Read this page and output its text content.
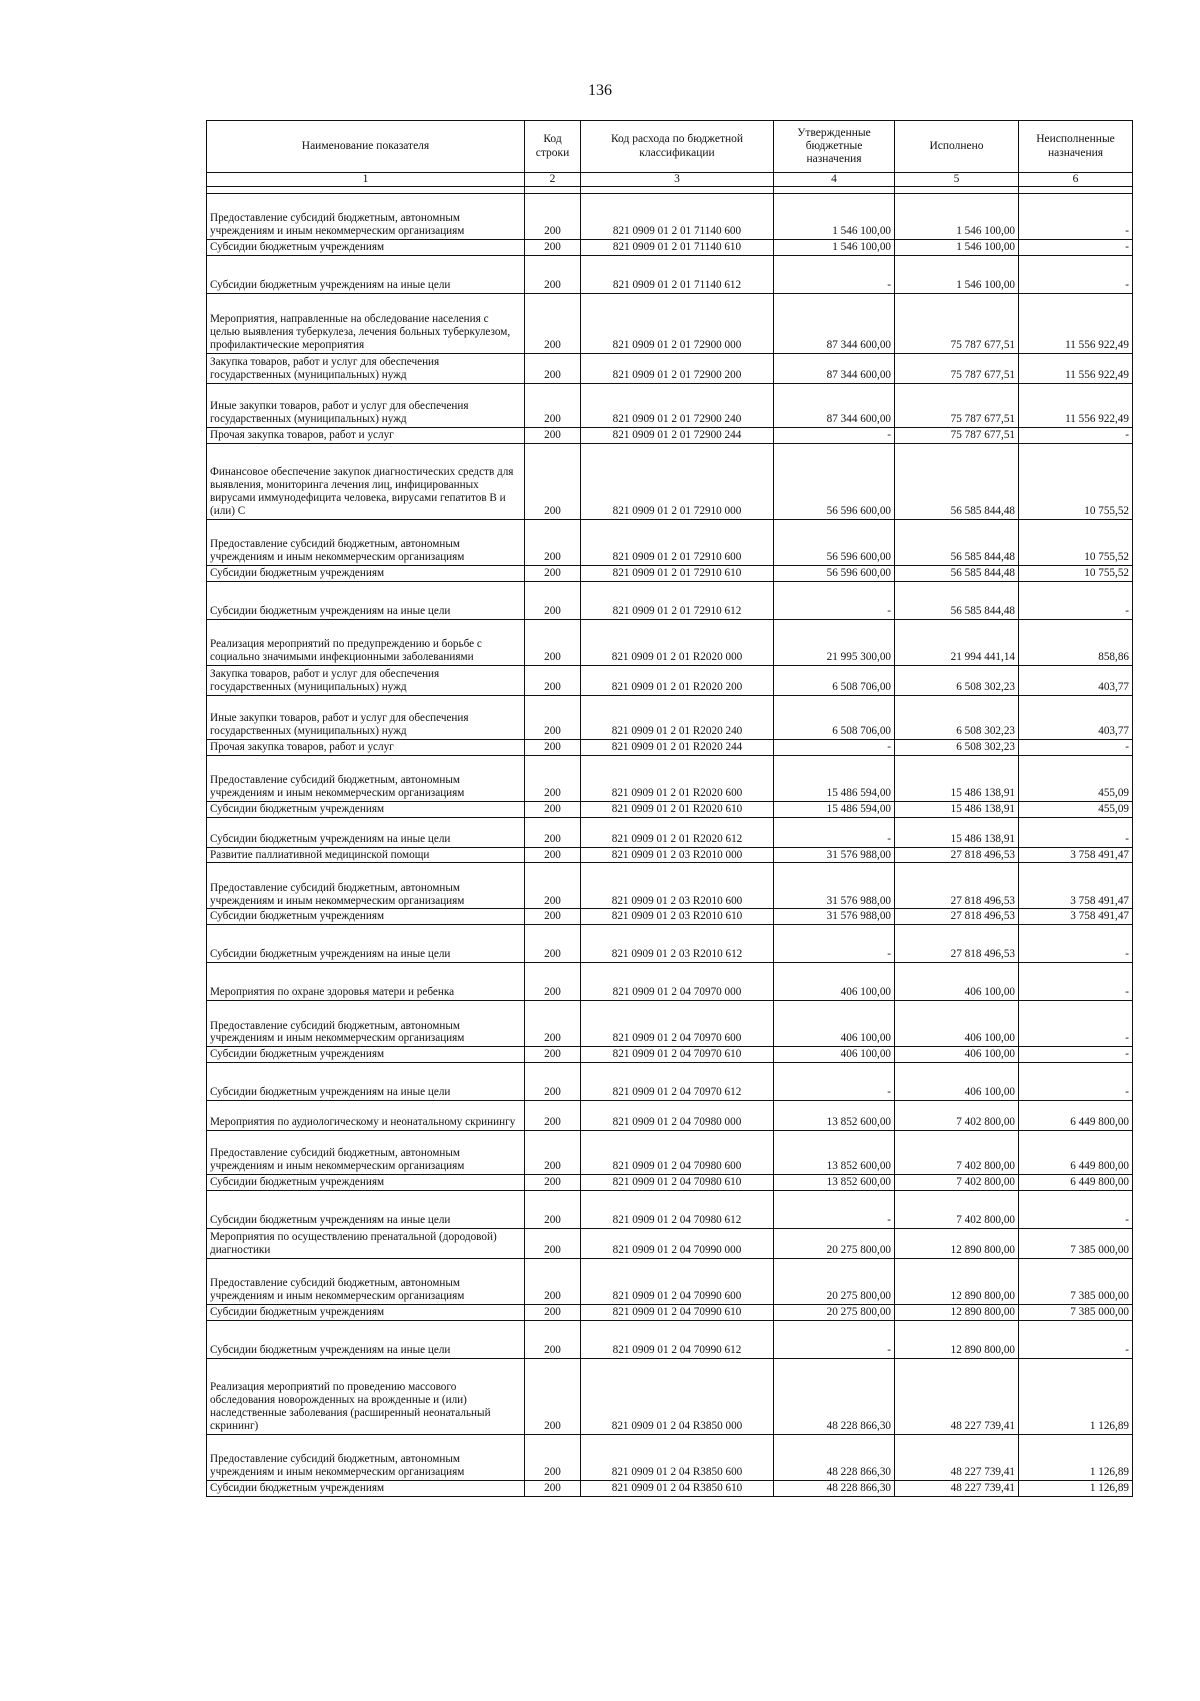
136
Наименование показателя	Код строки	Код расхода по бюджетной классификации	Утвержденные бюджетные назначения	Исполнено	Неисполненные назначения
1	2	3	4	5	6

Предоставление субсидий бюджетным, автономным учреждениям и иным некоммерческим организациям	200	821 0909 01 2 01 71140 600	1 546 100,00	1 546 100,00	-
Субсидии бюджетным учреждениям	200	821 0909 01 2 01 71140 610	1 546 100,00	1 546 100,00	-
Субсидии бюджетным учреждениям на иные цели	200	821 0909 01 2 01 71140 612	-	1 546 100,00	-
Мероприятия, направленные на обследование населения с целью выявления туберкулеза, лечения больных туберкулезом, профилактические мероприятия	200	821 0909 01 2 01 72900 000	87 344 600,00	75 787 677,51	11 556 922,49
Закупка товаров, работ и услуг для обеспечения государственных (муниципальных) нужд	200	821 0909 01 2 01 72900 200	87 344 600,00	75 787 677,51	11 556 922,49
Иные закупки товаров, работ и услуг для обеспечения государственных (муниципальных) нужд	200	821 0909 01 2 01 72900 240	87 344 600,00	75 787 677,51	11 556 922,49
Прочая закупка товаров, работ и услуг	200	821 0909 01 2 01 72900 244	-	75 787 677,51	-
Финансовое обеспечение закупок диагностических средств для выявления, мониторинга лечения лиц, инфицированных вирусами иммунодефицита человека, вирусами гепатитов В и (или) С	200	821 0909 01 2 01 72910 000	56 596 600,00	56 585 844,48	10 755,52
Предоставление субсидий бюджетным, автономным учреждениям и иным некоммерческим организациям	200	821 0909 01 2 01 72910 600	56 596 600,00	56 585 844,48	10 755,52
Субсидии бюджетным учреждениям	200	821 0909 01 2 01 72910 610	56 596 600,00	56 585 844,48	10 755,52
Субсидии бюджетным учреждениям на иные цели	200	821 0909 01 2 01 72910 612	-	56 585 844,48	-
Реализация мероприятий по предупреждению и борьбе с социально значимыми инфекционными заболеваниями	200	821 0909 01 2 01 R2020 000	21 995 300,00	21 994 441,14	858,86
Закупка товаров, работ и услуг для обеспечения государственных (муниципальных) нужд	200	821 0909 01 2 01 R2020 200	6 508 706,00	6 508 302,23	403,77
Иные закупки товаров, работ и услуг для обеспечения государственных (муниципальных) нужд	200	821 0909 01 2 01 R2020 240	6 508 706,00	6 508 302,23	403,77
Прочая закупка товаров, работ и услуг	200	821 0909 01 2 01 R2020 244	-	6 508 302,23	-
Предоставление субсидий бюджетным, автономным учреждениям и иным некоммерческим организациям	200	821 0909 01 2 01 R2020 600	15 486 594,00	15 486 138,91	455,09
Субсидии бюджетным учреждениям	200	821 0909 01 2 01 R2020 610	15 486 594,00	15 486 138,91	455,09
Субсидии бюджетным учреждениям на иные цели	200	821 0909 01 2 01 R2020 612	-	15 486 138,91	-
Развитие паллиативной медицинской помощи	200	821 0909 01 2 03 R2010 000	31 576 988,00	27 818 496,53	3 758 491,47
Предоставление субсидий бюджетным, автономным учреждениям и иным некоммерческим организациям	200	821 0909 01 2 03 R2010 600	31 576 988,00	27 818 496,53	3 758 491,47
Субсидии бюджетным учреждениям	200	821 0909 01 2 03 R2010 610	31 576 988,00	27 818 496,53	3 758 491,47
Субсидии бюджетным учреждениям на иные цели	200	821 0909 01 2 03 R2010 612	-	27 818 496,53	-
Мероприятия по охране здоровья матери и ребенка	200	821 0909 01 2 04 70970 000	406 100,00	406 100,00	-
Предоставление субсидий бюджетным, автономным учреждениям и иным некоммерческим организациям	200	821 0909 01 2 04 70970 600	406 100,00	406 100,00	-
Субсидии бюджетным учреждениям	200	821 0909 01 2 04 70970 610	406 100,00	406 100,00	-
Субсидии бюджетным учреждениям на иные цели	200	821 0909 01 2 04 70970 612	-	406 100,00	-
Мероприятия по аудиологическому и неонатальному скринингу	200	821 0909 01 2 04 70980 000	13 852 600,00	7 402 800,00	6 449 800,00
Предоставление субсидий бюджетным, автономным учреждениям и иным некоммерческим организациям	200	821 0909 01 2 04 70980 600	13 852 600,00	7 402 800,00	6 449 800,00
Субсидии бюджетным учреждениям	200	821 0909 01 2 04 70980 610	13 852 600,00	7 402 800,00	6 449 800,00
Субсидии бюджетным учреждениям на иные цели	200	821 0909 01 2 04 70980 612	-	7 402 800,00	-
Мероприятия по осуществлению пренатальной (дородовой) диагностики	200	821 0909 01 2 04 70990 000	20 275 800,00	12 890 800,00	7 385 000,00
Предоставление субсидий бюджетным, автономным учреждениям и иным некоммерческим организациям	200	821 0909 01 2 04 70990 600	20 275 800,00	12 890 800,00	7 385 000,00
Субсидии бюджетным учреждениям	200	821 0909 01 2 04 70990 610	20 275 800,00	12 890 800,00	7 385 000,00
Субсидии бюджетным учреждениям на иные цели	200	821 0909 01 2 04 70990 612	-	12 890 800,00	-
Реализация мероприятий по проведению массового обследования новорожденных на врожденные и (или) наследственные заболевания (расширенный неонатальный скрининг)	200	821 0909 01 2 04 R3850 000	48 228 866,30	48 227 739,41	1 126,89
Предоставление субсидий бюджетным, автономным учреждениям и иным некоммерческим организациям	200	821 0909 01 2 04 R3850 600	48 228 866,30	48 227 739,41	1 126,89
Субсидии бюджетным учреждениям	200	821 0909 01 2 04 R3850 610	48 228 866,30	48 227 739,41	1 126,89
